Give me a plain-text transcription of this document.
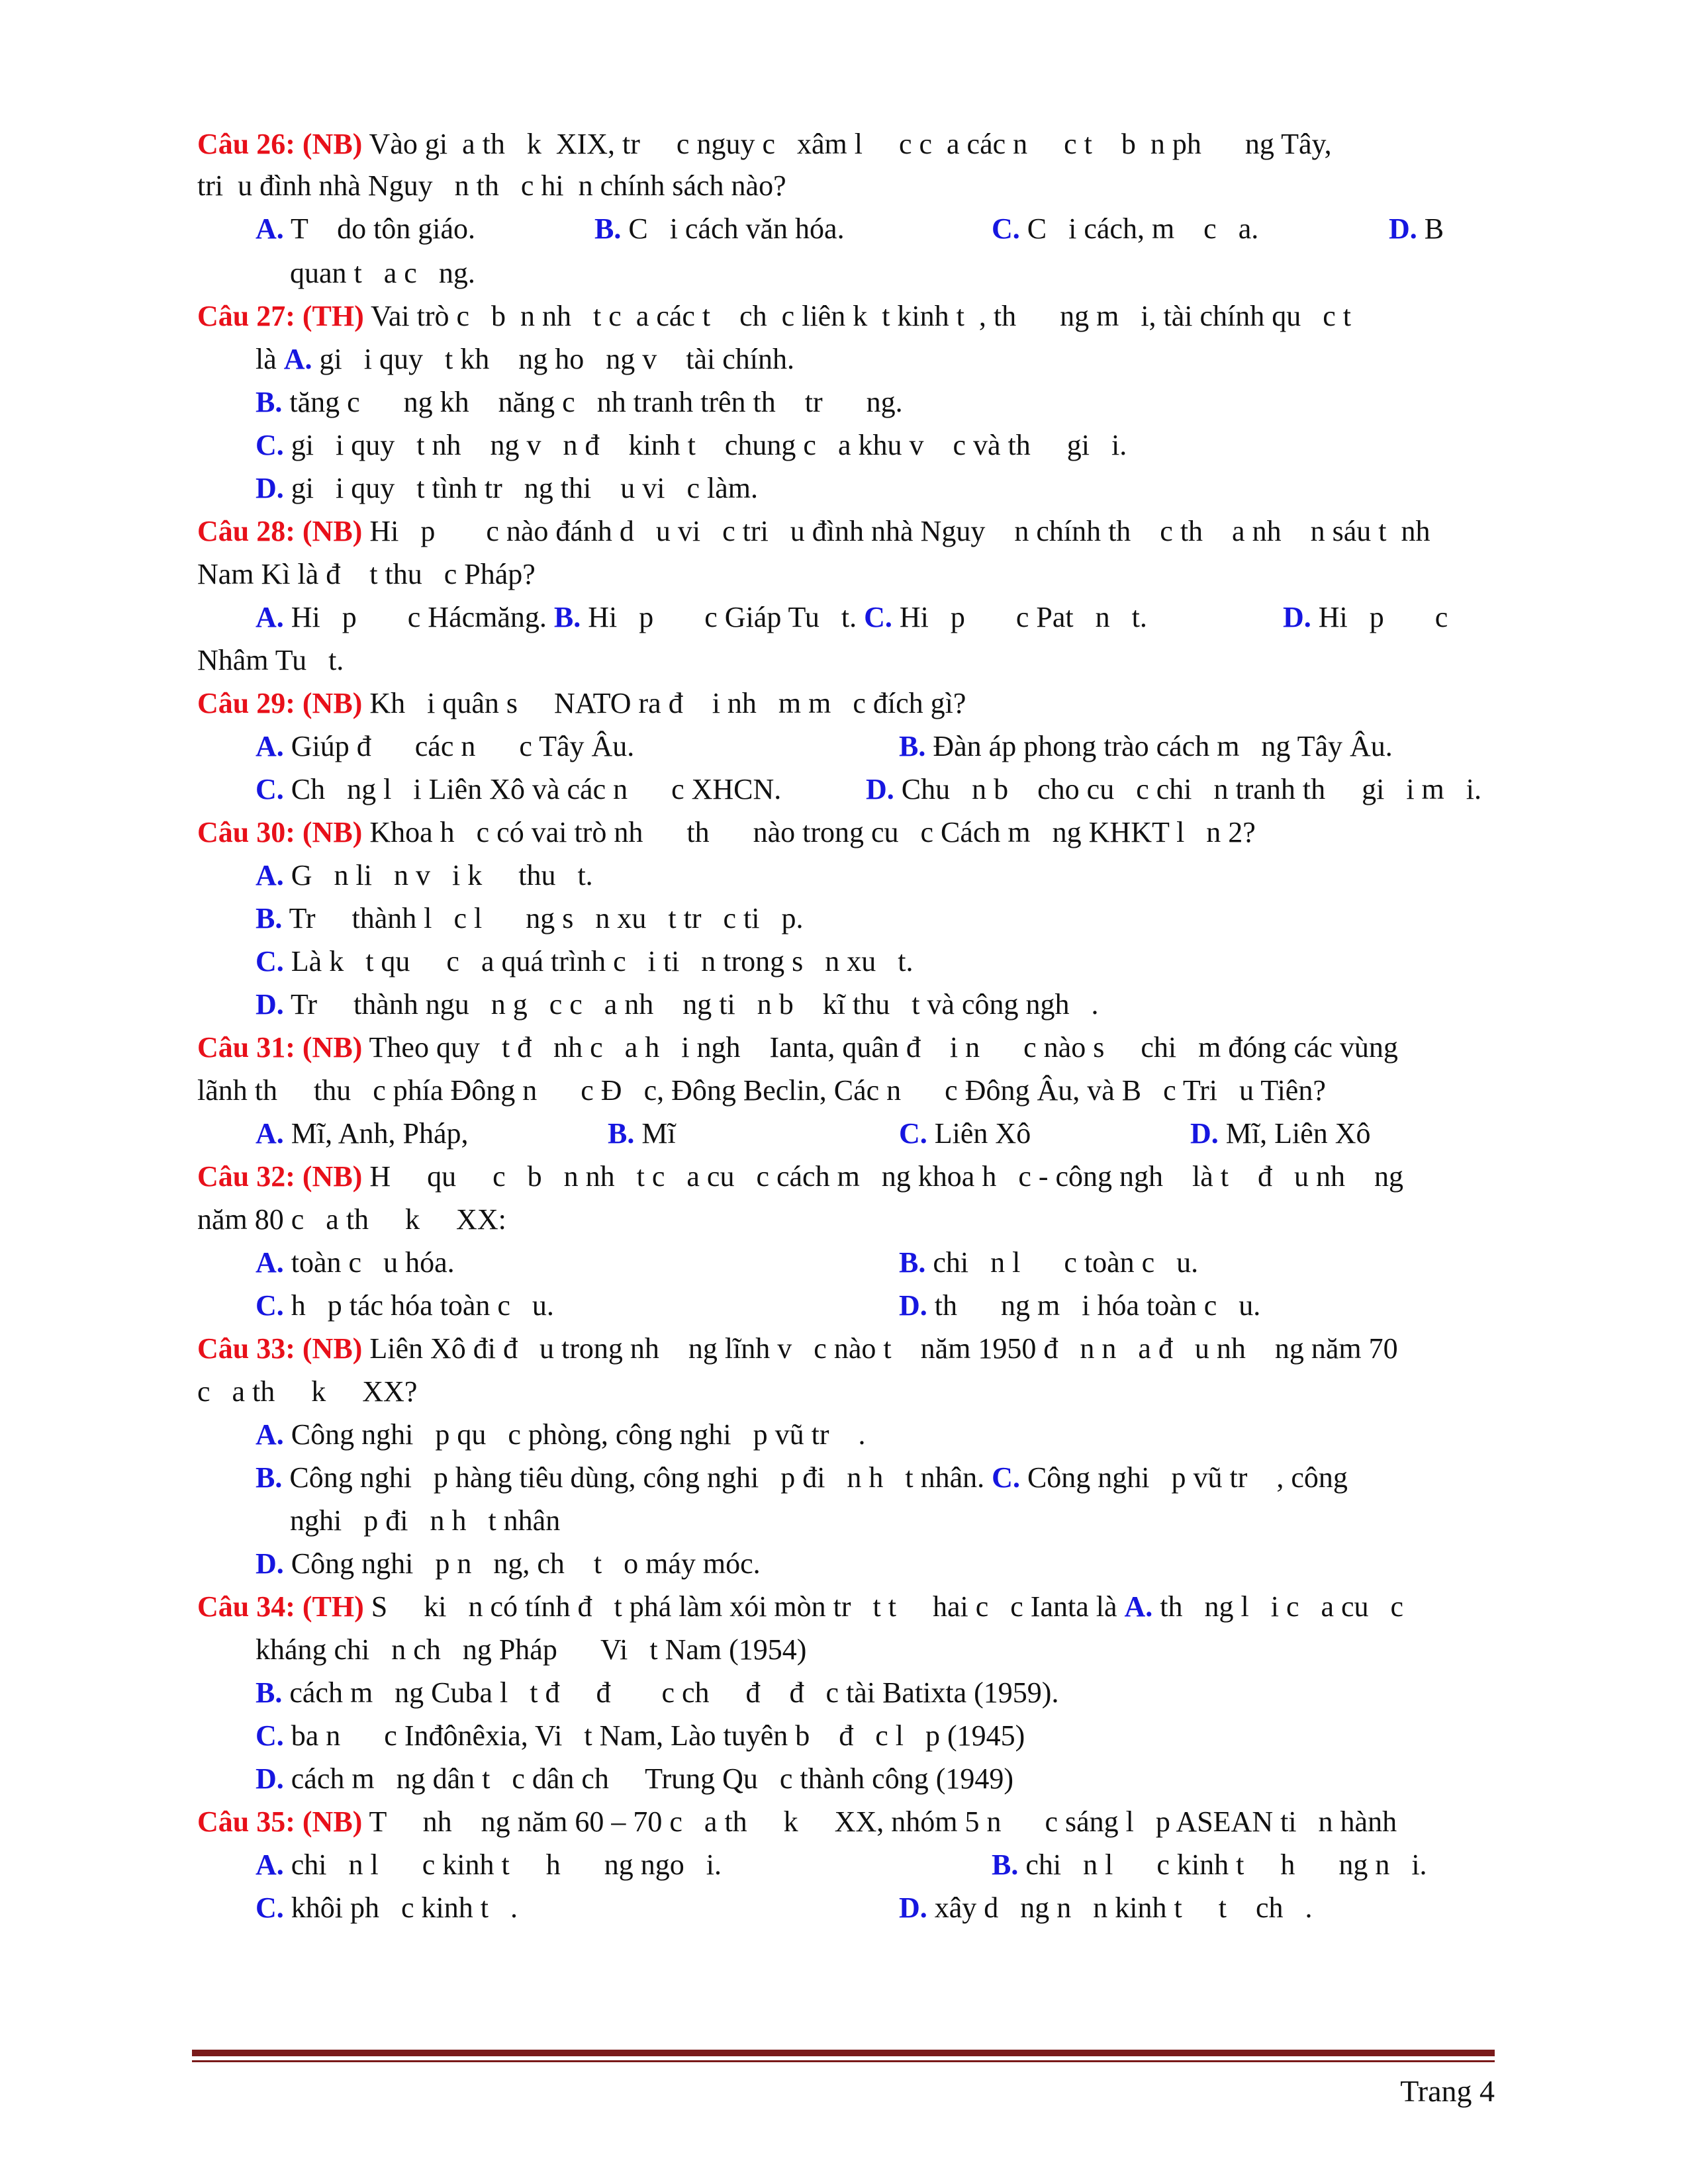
Câu 26: (NB) Vào gi  a th   k  XIX, tr     c nguy c   xâm l     c c  a các n     c t    b  n ph      ng Tây,
tri  u đình nhà Nguy   n th   c hi  n chính sách nào?
A. T    do tôn giáo.	B. C   i cách văn hóa.	C. C   i cách, m    c   a.	D. B
quan t   a c   ng.
Câu 27: (TH) Vai trò c   b  n nh   t c  a các t    ch  c liên k  t kinh t  , th      ng m   i, tài chính qu   c t
là A. gi   i quy   t kh    ng ho   ng v    tài chính.
B. tăng c      ng kh    năng c   nh tranh trên th    tr      ng.
C. gi   i quy   t nh    ng v   n đ    kinh t    chung c   a khu v    c và th     gi   i.
D. gi   i quy   t tình tr   ng thi    u vi   c làm.
Câu 28: (NB) Hi   p       c nào đánh d   u vi   c tri   u đình nhà Nguy    n chính th    c th    a nh    n sáu t  nh
Nam Kì là đ    t thu   c Pháp?
A. Hi   p       c Hácmăng. B. Hi   p       c Giáp Tu   t. C. Hi   p       c Pat   n   t.	D. Hi   p       c
Nhâm Tu   t.
Câu 29: (NB) Kh   i quân s     NATO ra đ    i nh   m m   c đích gì?
A. Giúp đ      các n      c Tây Âu.	B. Đàn áp phong trào cách m   ng Tây Âu.
C. Ch   ng l   i Liên Xô và các n      c XHCN.	D. Chu   n b    cho cu   c chi   n tranh th     gi   i m   i.
Câu 30: (NB) Khoa h   c có vai trò nh      th      nào trong cu   c Cách m   ng KHKT l   n 2?
A. G   n li   n v   i k     thu   t.
B. Tr     thành l   c l      ng s   n xu   t tr   c ti   p.
C. Là k   t qu     c   a quá trình c   i ti   n trong s   n xu   t.
D. Tr     thành ngu   n g   c c   a nh    ng ti   n b    kĩ thu   t và công ngh   .
Câu 31: (NB) Theo quy   t đ   nh c   a h   i ngh    Ianta, quân đ    i n      c nào s     chi   m đóng các vùng
lãnh th     thu   c phía Đông n      c Đ   c, Đông Beclin, Các n      c Đông Âu, và B   c Tri   u Tiên?
A. Mĩ, Anh, Pháp,	B. Mĩ	C. Liên Xô	D. Mĩ, Liên Xô
Câu 32: (NB) H     qu     c   b   n nh   t c   a cu   c cách m   ng khoa h   c - công ngh    là t    đ   u nh    ng
năm 80 c   a th     k     XX:
A. toàn c   u hóa.	B. chi   n l      c toàn c   u.
C. h   p tác hóa toàn c   u.	D. th      ng m   i hóa toàn c   u.
Câu 33: (NB) Liên Xô đi đ   u trong nh    ng lĩnh v   c nào t    năm 1950 đ   n n   a đ   u nh    ng năm 70
c   a th     k     XX?
A. Công nghi   p qu   c phòng, công nghi   p vũ tr    .
B. Công nghi   p hàng tiêu dùng, công nghi   p đi   n h   t nhân. C. Công nghi   p vũ tr    , công
nghi   p đi   n h   t nhân
D. Công nghi   p n   ng, ch    t   o máy móc.
Câu 34: (TH) S     ki   n có tính đ   t phá làm xói mòn tr   t t     hai c   c Ianta là A. th   ng l   i c   a cu   c
kháng chi   n ch   ng Pháp      Vi   t Nam (1954)
B. cách m   ng Cuba l   t đ     đ       c ch     đ    đ   c tài Batixta (1959).
C. ba n      c Inđônêxia, Vi   t Nam, Lào tuyên b    đ   c l   p (1945)
D. cách m   ng dân t   c dân ch     Trung Qu   c thành công (1949)
Câu 35: (NB) T     nh    ng năm 60 – 70 c   a th     k     XX, nhóm 5 n      c sáng l   p ASEAN ti   n hành
A. chi   n l      c kinh t     h      ng ngo   i.	B. chi   n l      c kinh t     h      ng n   i.
C. khôi ph   c kinh t   .	D. xây d   ng n   n kinh t     t    ch   .
Trang 4
